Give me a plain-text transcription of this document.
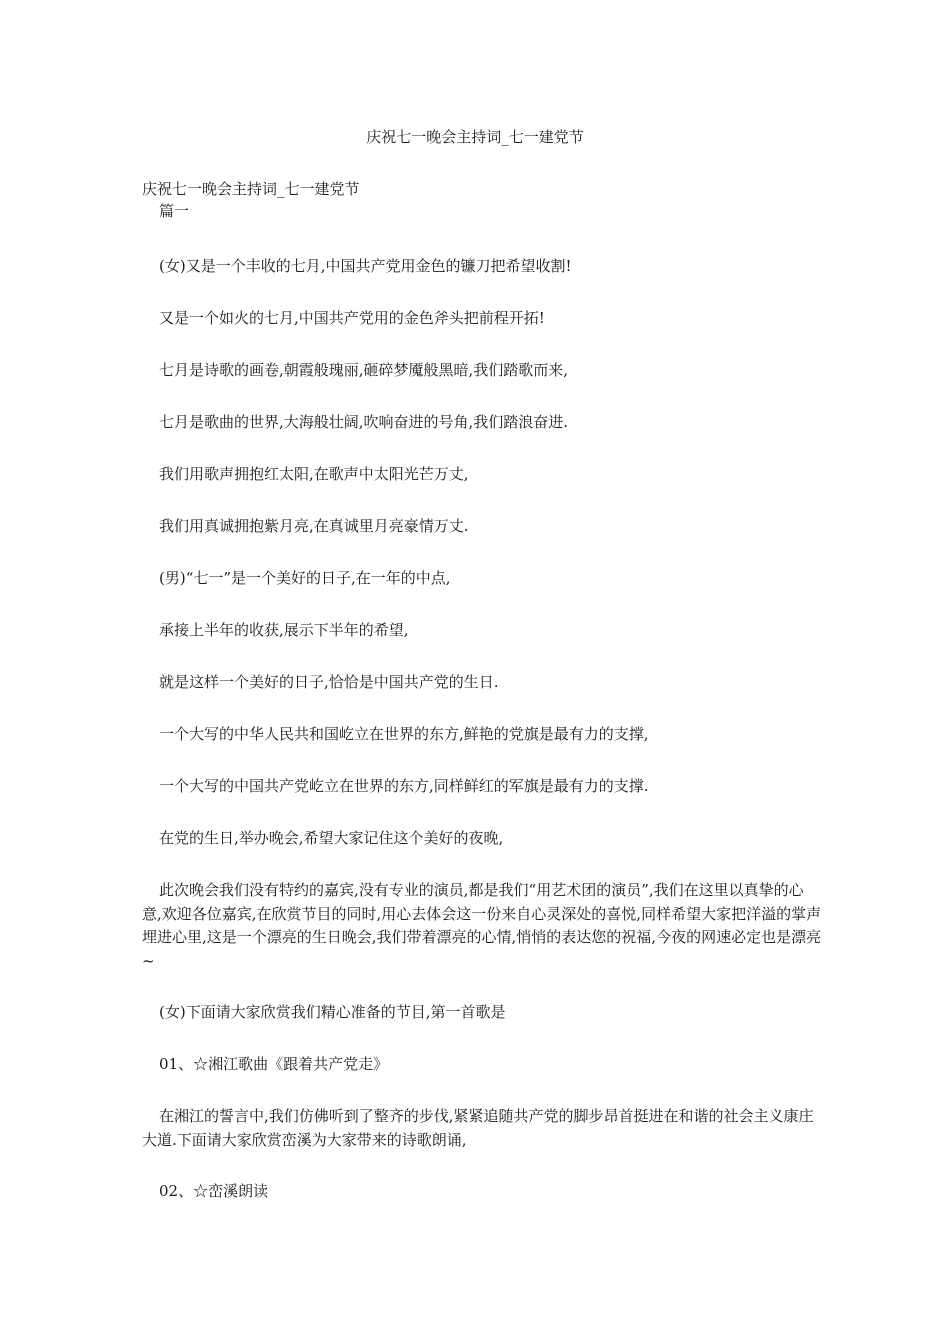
庆祝七一晚会主持词_七一建党节

庆祝七一晚会主持词_七一建党节

篇一

(女)又是一个丰收的七月,中国共产党用金色的镰刀把希望收割!

又是一个如火的七月,中国共产党用的金色斧头把前程开拓!

七月是诗歌的画卷,朝霞般瑰丽,砸碎梦魇般黑暗,我们踏歌而来,

七月是歌曲的世界,大海般壮阔,吹响奋进的号角,我们踏浪奋进.

我们用歌声拥抱红太阳,在歌声中太阳光芒万丈,

我们用真诚拥抱紫月亮,在真诚里月亮豪情万丈.

(男)“七一”是一个美好的日子,在一年的中点,

承接上半年的收获,展示下半年的希望,

就是这样一个美好的日子,恰恰是中国共产党的生日.

一个大写的中华人民共和国屹立在世界的东方,鲜艳的党旗是最有力的支撑,

一个大写的中国共产党屹立在世界的东方,同样鲜红的军旗是最有力的支撑.

在党的生日,举办晚会,希望大家记住这个美好的夜晚,

此次晚会我们没有特约的嘉宾,没有专业的演员,都是我们“用艺术团的演员”,我们在这里以真挚的心意,欢迎各位嘉宾,在欣赏节目的同时,用心去体会这一份来自心灵深处的喜悦,同样希望大家把洋溢的掌声埋进心里,这是一个漂亮的生日晚会,我们带着漂亮的心情,悄悄的表达您的祝福,今夜的网速必定也是漂亮~

(女)下面请大家欣赏我们精心准备的节目,第一首歌是

01、☆湘江歌曲《跟着共产党走》

在湘江的誓言中,我们仿佛听到了整齐的步伐,紧紧追随共产党的脚步昂首挺进在和谐的社会主义康庄大道.下面请大家欣赏峦溪为大家带来的诗歌朗诵,

02、☆峦溪朗读
